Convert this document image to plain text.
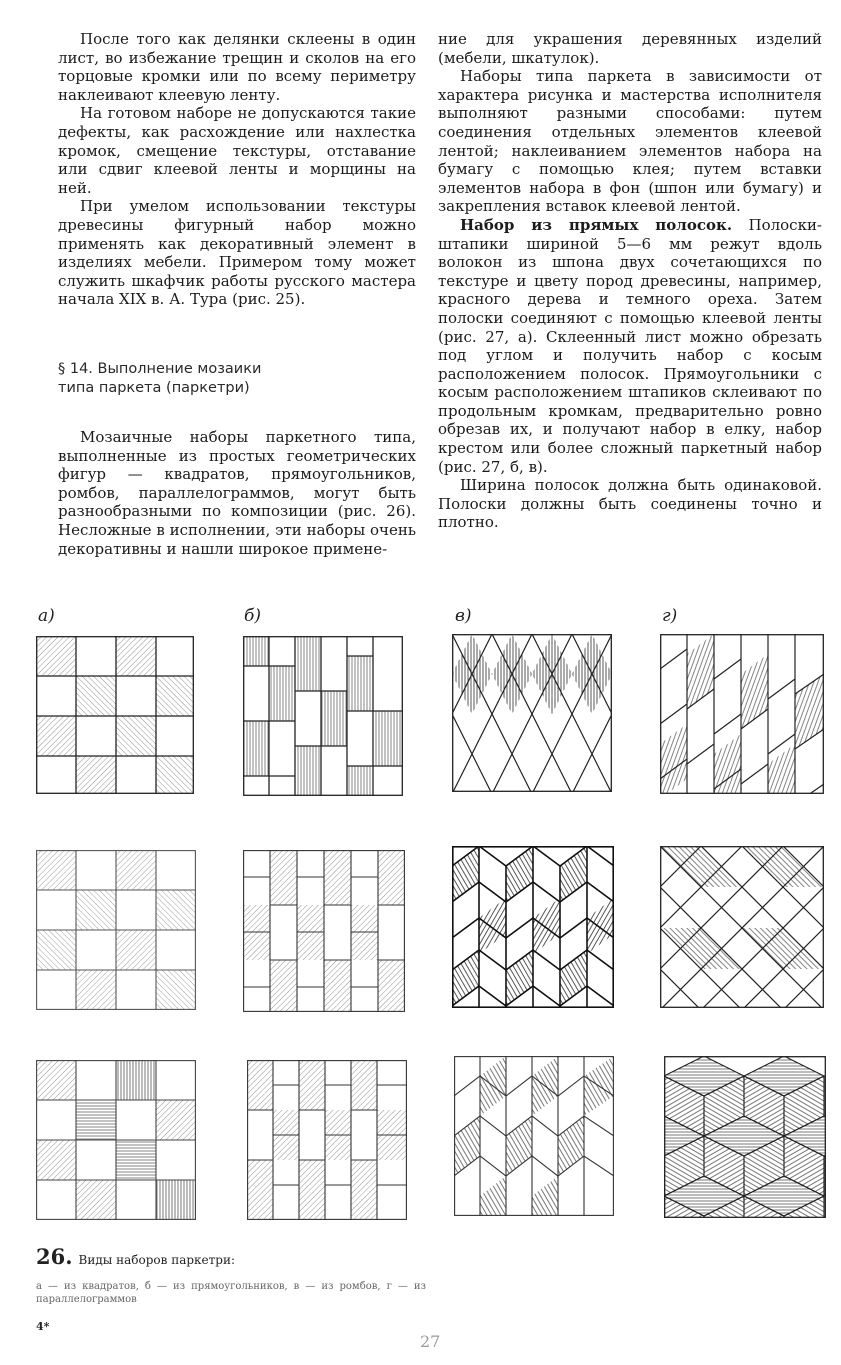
После того как делянки склеены в один лист, во избежание трещин и сколов на его торцовые кромки или по всему периметру наклеивают клеевую ленту.

На готовом наборе не допускаются такие дефекты, как расхождение или нахлестка кромок, смещение текстуры, отставание или сдвиг клеевой ленты и морщины на ней.

При умелом использовании текстуры древесины фигурный набор можно применять как декоративный элемент в изделиях мебели. Примером тому может служить шкафчик работы русского мастера начала XIX в. А. Тура (рис. 25).

§ 14. Выполнение мозаики
типа паркета (паркетри)

Мозаичные наборы паркетного типа, выполненные из простых геометрических фигур — квадратов, прямоугольников, ромбов, параллелограммов, могут быть разнообразными по композиции (рис. 26). Несложные в исполнении, эти наборы очень декоративны и нашли широкое примене-

ние для украшения деревянных изделий (мебели, шкатулок).

Наборы типа паркета в зависимости от характера рисунка и мастерства исполнителя выполняют разными способами: путем соединения отдельных элементов клеевой лентой; наклеиванием элементов набора на бумагу с помощью клея; путем вставки элементов набора в фон (шпон или бумагу) и закрепления вставок клеевой лентой.

Набор из прямых полосок. Полоски-штапики шириной 5—6 мм режут вдоль волокон из шпона двух сочетающихся по текстуре и цвету пород древесины, например, красного дерева и темного ореха. Затем полоски соединяют с помощью клеевой ленты (рис. 27, а). Склеенный лист можно обрезать под углом и получить набор с косым расположением полосок. Прямоугольники с косым расположением штапиков склеивают по продольным кромкам, предварительно ровно обрезав их, и получают набор в елку, набор крестом или более сложный паркетный набор (рис. 27, б, в).

Ширина полосок должна быть одинаковой. Полоски должны быть соединены точно и плотно.

а)	б)	в)	г)
26. Виды наборов паркетри:
а — из квадратов, б — из прямоугольников, в — из ромбов, г — из параллелограммов
4*
27
